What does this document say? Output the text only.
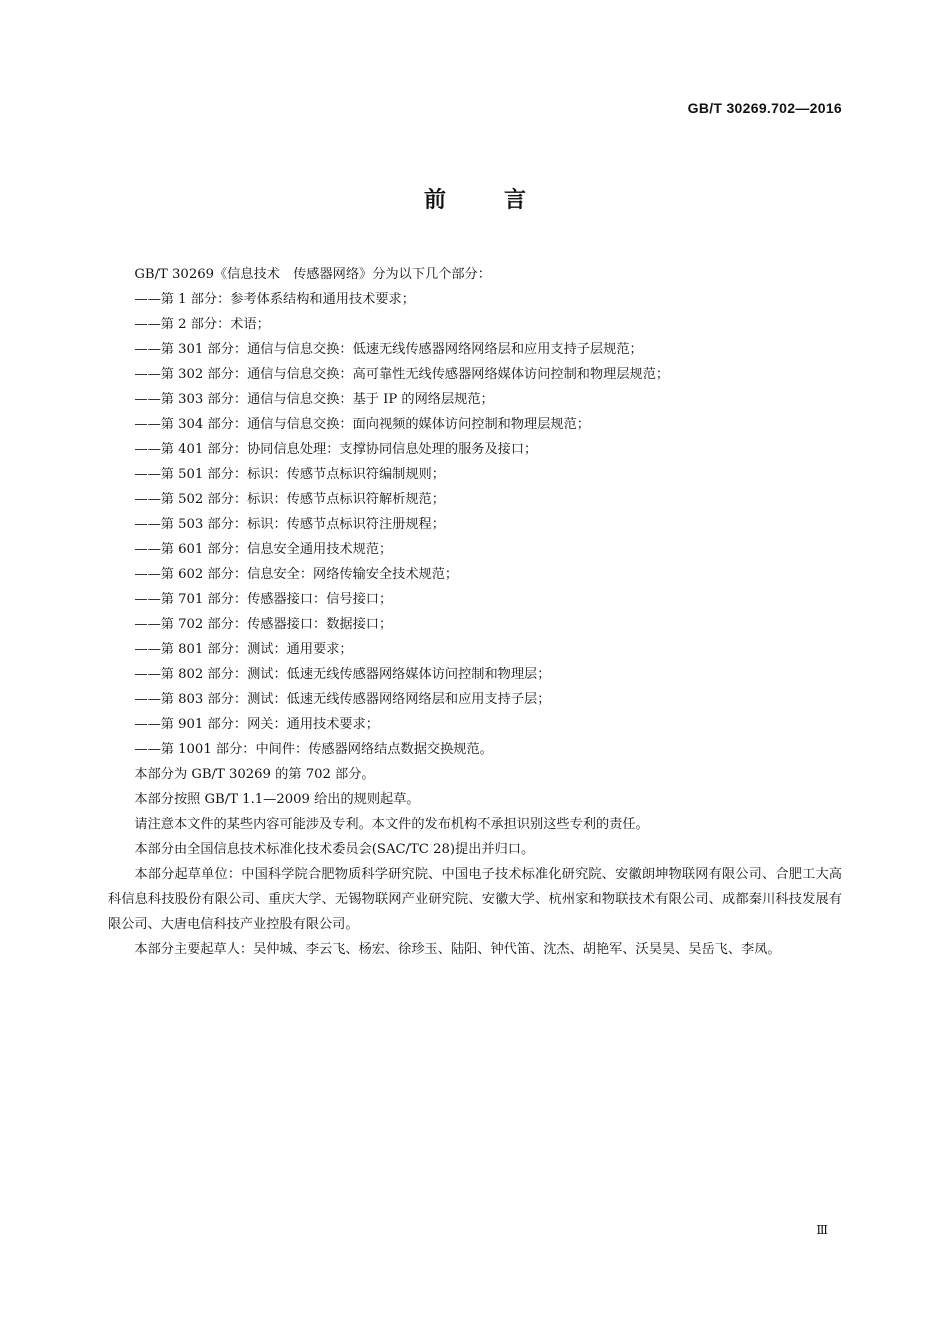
GB/T 30269.702—2016
前言

GB/T 30269《信息技术　传感器网络》分为以下几个部分：

——第 1 部分：参考体系结构和通用技术要求；

——第 2 部分：术语；

——第 301 部分：通信与信息交换：低速无线传感器网络网络层和应用支持子层规范；

——第 302 部分：通信与信息交换：高可靠性无线传感器网络媒体访问控制和物理层规范；

——第 303 部分：通信与信息交换：基于 IP 的网络层规范；

——第 304 部分：通信与信息交换：面向视频的媒体访问控制和物理层规范；

——第 401 部分：协同信息处理：支撑协同信息处理的服务及接口；

——第 501 部分：标识：传感节点标识符编制规则；

——第 502 部分：标识：传感节点标识符解析规范；

——第 503 部分：标识：传感节点标识符注册规程；

——第 601 部分：信息安全通用技术规范；

——第 602 部分：信息安全：网络传输安全技术规范；

——第 701 部分：传感器接口：信号接口；

——第 702 部分：传感器接口：数据接口；

——第 801 部分：测试：通用要求；

——第 802 部分：测试：低速无线传感器网络媒体访问控制和物理层；

——第 803 部分：测试：低速无线传感器网络网络层和应用支持子层；

——第 901 部分：网关：通用技术要求；

——第 1001 部分：中间件：传感器网络结点数据交换规范。

本部分为 GB/T 30269 的第 702 部分。

本部分按照 GB/T 1.1—2009 给出的规则起草。

请注意本文件的某些内容可能涉及专利。本文件的发布机构不承担识别这些专利的责任。

本部分由全国信息技术标准化技术委员会(SAC/TC 28)提出并归口。

本部分起草单位：中国科学院合肥物质科学研究院、中国电子技术标准化研究院、安徽朗坤物联网有限公司、合肥工大高科信息科技股份有限公司、重庆大学、无锡物联网产业研究院、安徽大学、杭州家和物联技术有限公司、成都秦川科技发展有限公司、大唐电信科技产业控股有限公司。

本部分主要起草人：吴仲城、李云飞、杨宏、徐珍玉、陆阳、钟代笛、沈杰、胡艳军、沃昊昊、吴岳飞、李凤。

Ⅲ
